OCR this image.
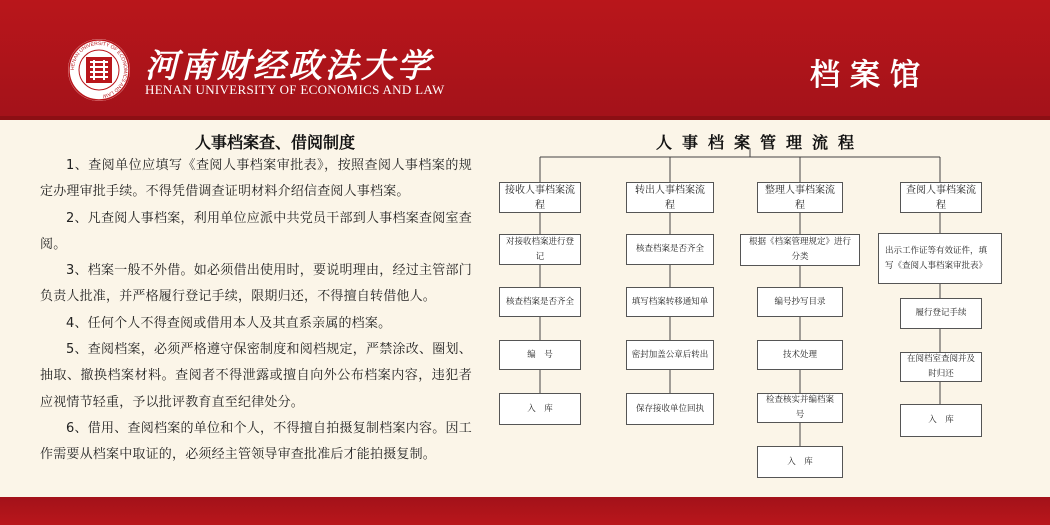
HENAN UNIVERSITY OF ECONOMICS AND LAW
河南财经政法大学
HENAN UNIVERSITY OF ECONOMICS AND LAW	档案馆
人事档案查、借阅制度

1、查阅单位应填写《查阅人事档案审批表》，按照查阅人事档案的规定办理审批手续。不得凭借调查证明材料介绍信查阅人事档案。

2、凡查阅人事档案，利用单位应派中共党员干部到人事档案查阅室查阅。

3、档案一般不外借。如必须借出使用时，要说明理由，经过主管部门负责人批准，并严格履行登记手续，限期归还，不得擅自转借他人。

4、任何个人不得查阅或借用本人及其直系亲属的档案。

5、查阅档案，必须严格遵守保密制度和阅档规定，严禁涂改、圈划、抽取、撤换档案材料。查阅者不得泄露或擅自向外公布档案内容，违犯者应视情节轻重，予以批评教育直至纪律处分。

6、借用、查阅档案的单位和个人，不得擅自拍摄复制档案内容。因工作需要从档案中取证的，必须经主管领导审查批准后才能拍摄复制。

人事档案管理流程
接收人事档案流程
对接收档案进行登记
核查档案是否齐全
编　号
入　库
转出人事档案流程
核查档案是否齐全
填写档案转移通知单
密封加盖公章后转出
保存接收单位回执
整理人事档案流程
根据《档案管理规定》进行分类
编号抄写目录
技术处理
检查核实并编档案号
入　库
查阅人事档案流程
出示工作证等有效证件，填写《查阅人事档案审批表》
履行登记手续
在阅档室查阅并及时归还
入　库
